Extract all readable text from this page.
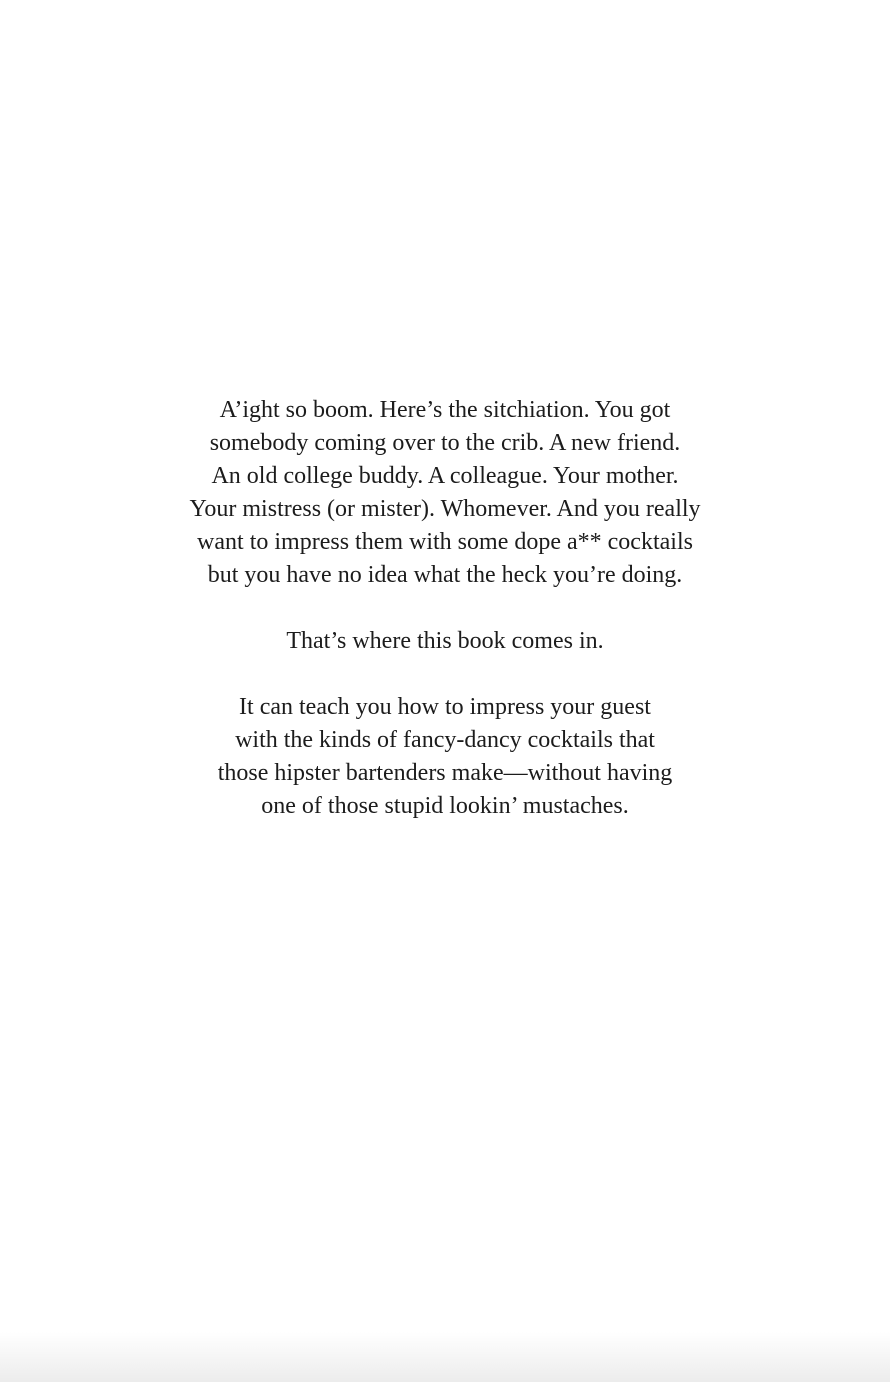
A’ight so boom. Here’s the sitchiation. You got
somebody coming over to the crib. A new friend.
An old college buddy. A colleague. Your mother.
Your mistress (or mister). Whomever. And you really
want to impress them with some dope a** cocktails
but you have no idea what the heck you’re doing.

That’s where this book comes in.

It can teach you how to impress your guest
with the kinds of fancy-dancy cocktails that
those hipster bartenders make—without having
one of those stupid lookin’ mustaches.
